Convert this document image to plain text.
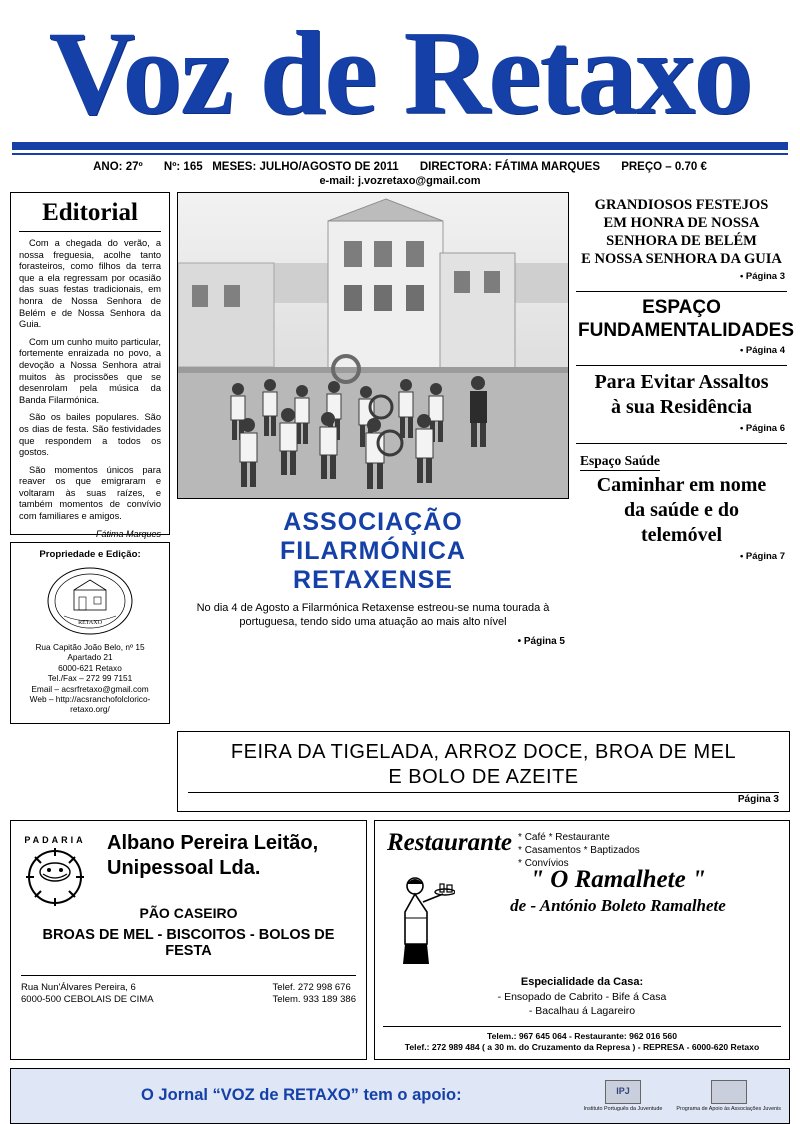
Voz de Retaxo
ANO: 27º Nº: 165 MESES: JULHO/AGOSTO DE 2011 DIRECTORA: FÁTIMA MARQUES PREÇO – 0.70 €
e-mail: j.vozretaxo@gmail.com
Editorial

Com a chegada do verão, a nossa freguesia, acolhe tanto forasteiros, como filhos da terra que a ela regressam por ocasião das suas festas tradicionais, em honra de Nossa Senhora de Belém e de Nossa Senhora da Guia.

Com um cunho muito particular, fortemente enraizada no povo, a devoção a Nossa Senhora atrai muitos às procissões que se desenrolam pela música da Banda Filarmónica.

São os bailes populares. São os dias de festa. São festividades que respondem a todos os gostos.

São momentos únicos para reaver os que emigraram e voltaram às suas raízes, e também momentos de convívio com familiares e amigos.

Fátima Marques
Propriedade e Edição:
RETAXO
Rua Capitão João Belo, nº 15
Apartado 21
6000-621 Retaxo
Tel./Fax – 272 99 7151
Email – acsrfretaxo@gmail.com
Web – http://acsranchofolclorico-
retaxo.org/
ASSOCIAÇÃO
FILARMÓNICA
RETAXENSE
No dia 4 de Agosto a Filarmónica Retaxense estreou-se numa tourada à portuguesa, tendo sido uma atuação ao mais alto nível
• Página 5
GRANDIOSOS FESTEJOS
EM HONRA DE NOSSA
SENHORA DE BELÉM
E NOSSA SENHORA DA GUIA
• Página 3
ESPAÇO
FUNDAMENTALIDADES
• Página 4
Para Evitar Assaltos
à sua Residência
• Página 6
Espaço Saúde
Caminhar em nome
da saúde e do
telemóvel
• Página 7
FEIRA DA TIGELADA, ARROZ DOCE, BROA DE MEL
E BOLO DE AZEITE
Página 3
PADARIA Albano Pereira Leitão,
Unipessoal Lda.
PÃO CASEIRO
BROAS DE MEL - BISCOITOS - BOLOS DE FESTA
Rua Nun'Álvares Pereira, 6
6000-500 CEBOLAIS DE CIMA
Telef. 272 998 676
Telem. 933 189 386
Restaurante * Café * Restaurante
* Casamentos * Baptizados
* Convívios
" O Ramalhete "
de - António Boleto Ramalhete
Especialidade da Casa:
- Ensopado de Cabrito - Bife á Casa
- Bacalhau á Lagareiro
Telem.: 967 645 064 - Restaurante: 962 016 560
Telef.: 272 989 484 ( a 30 m. do Cruzamento da Represa ) - REPRESA - 6000-620 Retaxo
O Jornal “VOZ de RETAXO” tem o apoio:	IPJ
Instituto Português da Juventude	Programa de Apoio às Associações Juvenis
